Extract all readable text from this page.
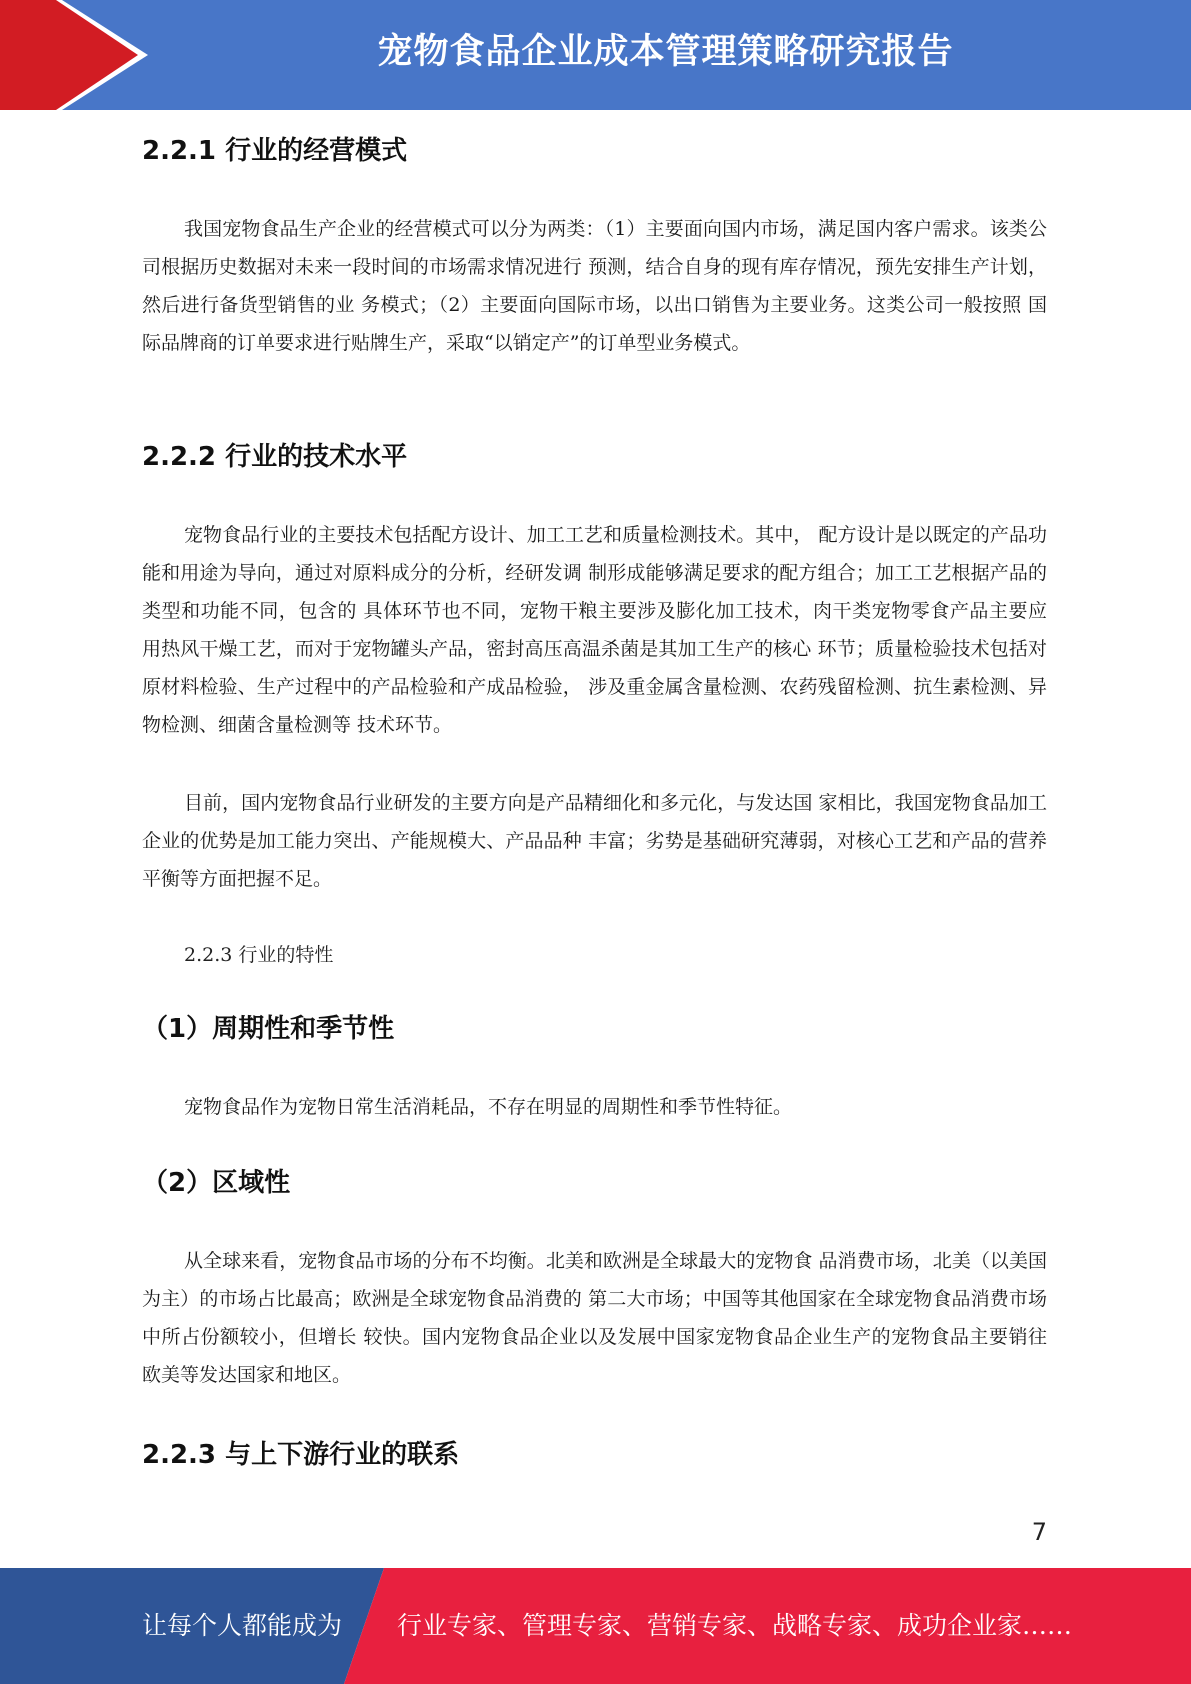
宠物食品企业成本管理策略研究报告
2.2.1 行业的经营模式

我国宠物食品生产企业的经营模式可以分为两类：（1）主要面向国内市场，满足国内客户需求。该类公司根据历史数据对未来一段时间的市场需求情况进行 预测，结合自身的现有库存情况，预先安排生产计划，然后进行备货型销售的业 务模式；（2）主要面向国际市场，以出口销售为主要业务。这类公司一般按照 国际品牌商的订单要求进行贴牌生产，采取“以销定产”的订单型业务模式。

2.2.2 行业的技术水平

宠物食品行业的主要技术包括配方设计、加工工艺和质量检测技术。其中， 配方设计是以既定的产品功能和用途为导向，通过对原料成分的分析，经研发调 制形成能够满足要求的配方组合；加工工艺根据产品的类型和功能不同，包含的 具体环节也不同，宠物干粮主要涉及膨化加工技术，肉干类宠物零食产品主要应 用热风干燥工艺，而对于宠物罐头产品，密封高压高温杀菌是其加工生产的核心 环节；质量检验技术包括对原材料检验、生产过程中的产品检验和产成品检验， 涉及重金属含量检测、农药残留检测、抗生素检测、异物检测、细菌含量检测等 技术环节。

目前，国内宠物食品行业研发的主要方向是产品精细化和多元化，与发达国 家相比，我国宠物食品加工企业的优势是加工能力突出、产能规模大、产品品种 丰富；劣势是基础研究薄弱，对核心工艺和产品的营养平衡等方面把握不足。

2.2.3 行业的特性

（1）周期性和季节性

宠物食品作为宠物日常生活消耗品，不存在明显的周期性和季节性特征。

（2）区域性

从全球来看，宠物食品市场的分布不均衡。北美和欧洲是全球最大的宠物食 品消费市场，北美（以美国为主）的市场占比最高；欧洲是全球宠物食品消费的 第二大市场；中国等其他国家在全球宠物食品消费市场中所占份额较小，但增长 较快。国内宠物食品企业以及发展中国家宠物食品企业生产的宠物食品主要销往 欧美等发达国家和地区。

2.2.3 与上下游行业的联系
7
让每个人都能成为 行业专家、管理专家、营销专家、战略专家、成功企业家……
